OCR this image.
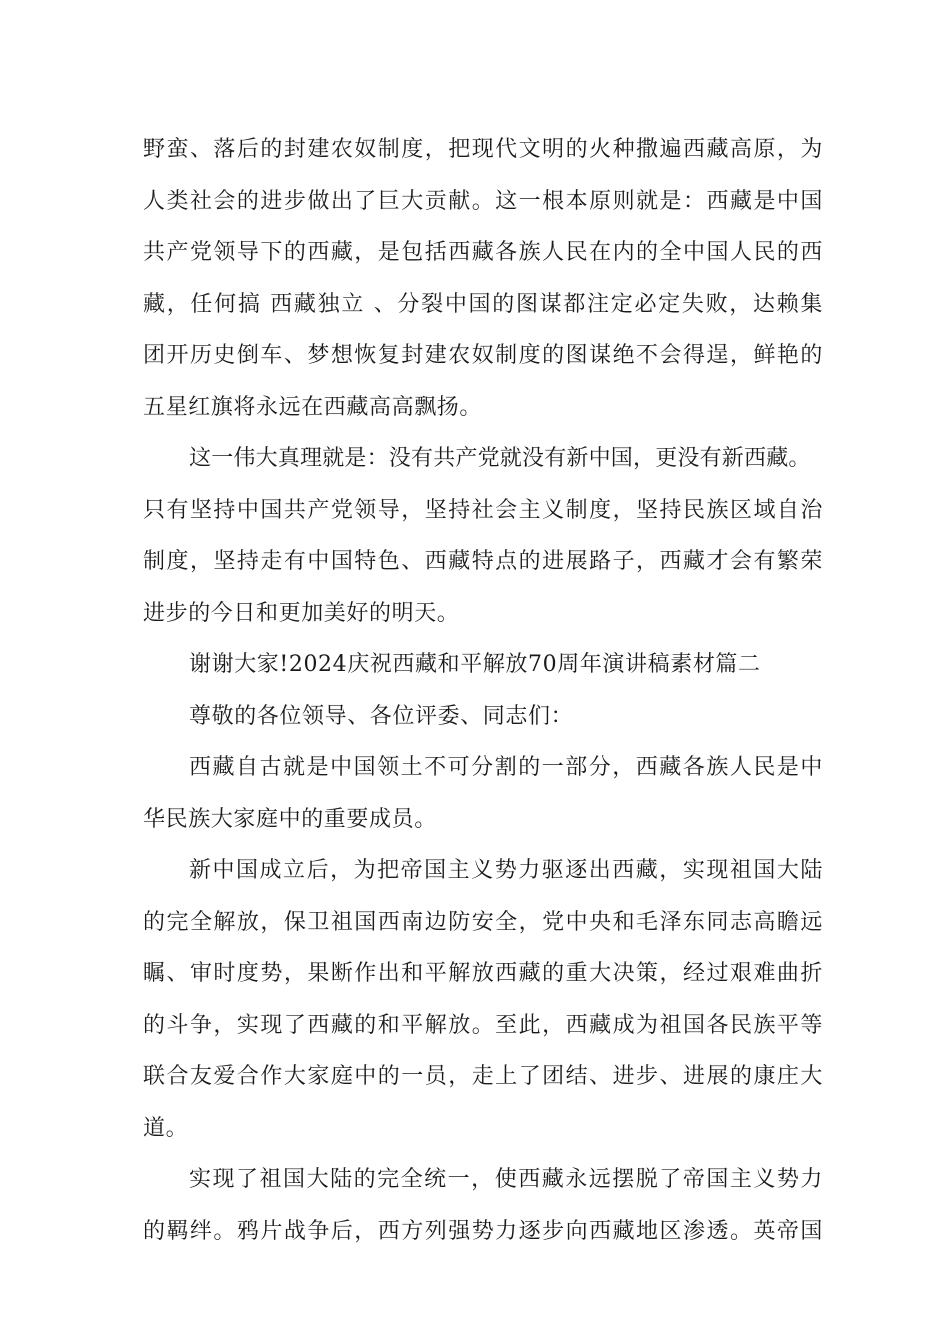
野蛮、落后的封建农奴制度，把现代文明的火种撒遍西藏高原，为
人类社会的进步做出了巨大贡献。这一根本原则就是：西藏是中国
共产党领导下的西藏，是包括西藏各族人民在内的全中国人民的西
藏，任何搞 西藏独立 、分裂中国的图谋都注定必定失败，达赖集
团开历史倒车、梦想恢复封建农奴制度的图谋绝不会得逞，鲜艳的
五星红旗将永远在西藏高高飘扬。
这一伟大真理就是：没有共产党就没有新中国，更没有新西藏。
只有坚持中国共产党领导，坚持社会主义制度，坚持民族区域自治
制度，坚持走有中国特色、西藏特点的进展路子，西藏才会有繁荣
进步的今日和更加美好的明天。
谢谢大家!2024庆祝西藏和平解放70周年演讲稿素材篇二
尊敬的各位领导、各位评委、同志们：
西藏自古就是中国领土不可分割的一部分，西藏各族人民是中
华民族大家庭中的重要成员。
新中国成立后，为把帝国主义势力驱逐出西藏，实现祖国大陆
的完全解放，保卫祖国西南边防安全，党中央和毛泽东同志高瞻远
瞩、审时度势，果断作出和平解放西藏的重大决策，经过艰难曲折
的斗争，实现了西藏的和平解放。至此，西藏成为祖国各民族平等
联合友爱合作大家庭中的一员，走上了团结、进步、进展的康庄大
道。
实现了祖国大陆的完全统一，使西藏永远摆脱了帝国主义势力
的羁绊。鸦片战争后，西方列强势力逐步向西藏地区渗透。英帝国
